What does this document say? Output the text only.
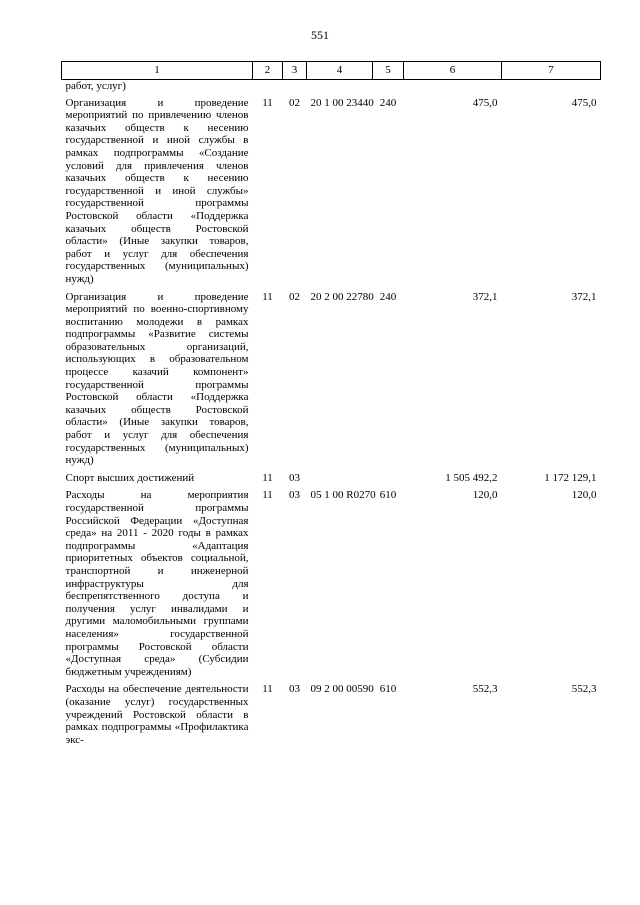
551
1	2	3	4	5	6	7
работ, услуг)						
Организация и проведение мероприятий по привлечению членов казачьих обществ к несению государственной и иной службы в рамках подпрограммы «Создание условий для привлечения членов казачьих обществ к несению государственной и иной службы» государственной программы Ростовской области «Поддержка казачьих обществ Ростовской области» (Иные закупки товаров, работ и услуг для обеспечения государственных (муниципальных) нужд)	11	02	20 1 00 23440	240	475,0	475,0
Организация и проведение мероприятий по военно-спортивному воспитанию молодежи в рамках подпрограммы «Развитие системы образовательных организаций, использующих в образовательном процессе казачий компонент» государственной программы Ростовской области «Поддержка казачьих обществ Ростовской области» (Иные закупки товаров, работ и услуг для обеспечения государственных (муниципальных) нужд)	11	02	20 2 00 22780	240	372,1	372,1
Спорт высших достижений	11	03			1 505 492,2	1 172 129,1
Расходы на мероприятия государственной программы Российской Федерации «Доступная среда» на 2011 - 2020 годы в рамках подпрограммы «Адаптация приоритетных объектов социальной, транспортной и инженерной инфраструктуры для беспрепятственного доступа и получения услуг инвалидами и другими маломобильными группами населения» государственной программы Ростовской области «Доступная среда» (Субсидии бюджетным учреждениям)	11	03	05 1 00 R0270	610	120,0	120,0
Расходы на обеспечение деятельности (оказание услуг) государственных учреждений Ростовской области в рамках подпрограммы «Профилактика экс-	11	03	09 2 00 00590	610	552,3	552,3
